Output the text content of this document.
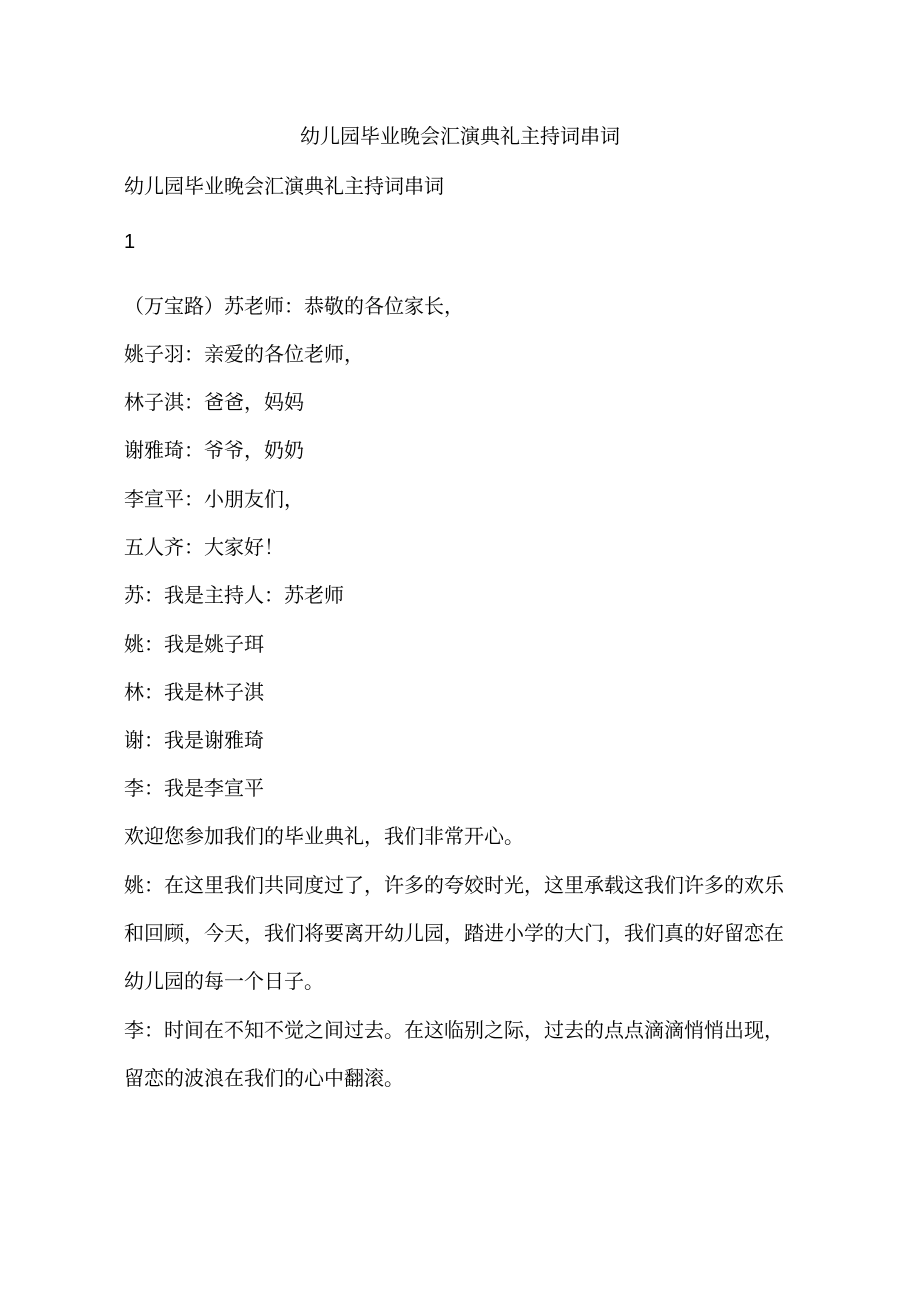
幼儿园毕业晚会汇演典礼主持词串词
幼儿园毕业晚会汇演典礼主持词串词
1
（万宝路）苏老师：恭敬的各位家长，
姚子羽：亲爱的各位老师，
林子淇：爸爸，妈妈
谢雅琦：爷爷，奶奶
李宣平：小朋友们，
五人齐：大家好！
苏：我是主持人：苏老师
姚：我是姚子珥
林：我是林子淇
谢：我是谢雅琦
李：我是李宣平
欢迎您参加我们的毕业典礼，我们非常开心。
姚：在这里我们共同度过了，许多的夸姣时光，这里承载这我们许多的欢乐
和回顾，今天，我们将要离开幼儿园，踏进小学的大门，我们真的好留恋在
幼儿园的每一个日子。
李：时间在不知不觉之间过去。在这临别之际，过去的点点滴滴悄悄出现，
留恋的波浪在我们的心中翻滚。
